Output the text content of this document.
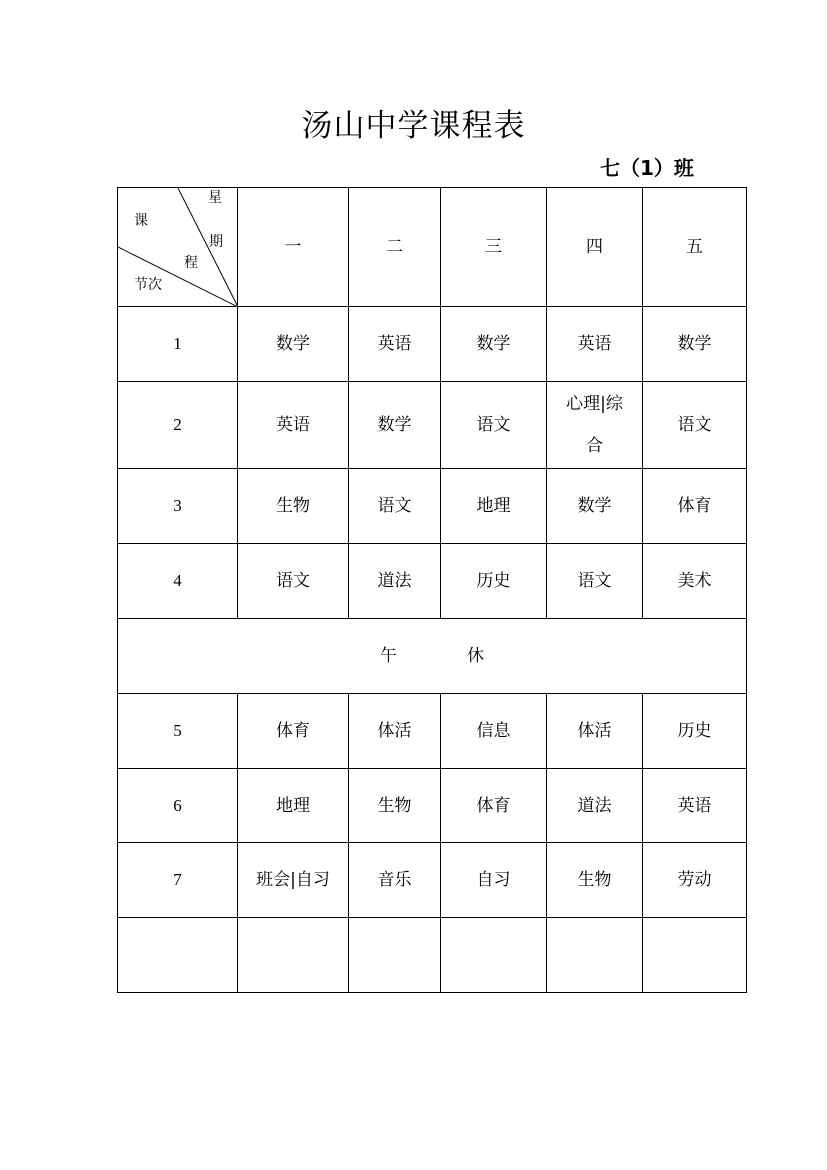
汤山中学课程表
七（1）班
星
课
期
程
节次	一	二	三	四	五
1	数学	英语	数学	英语	数学
2	英语	数学	语文	心理|综合	语文
3	生物	语文	地理	数学	体育
4	语文	道法	历史	语文	美术
午 休					
5	体育	体活	信息	体活	历史
6	地理	生物	体育	道法	英语
7	班会|自习	音乐	自习	生物	劳动
